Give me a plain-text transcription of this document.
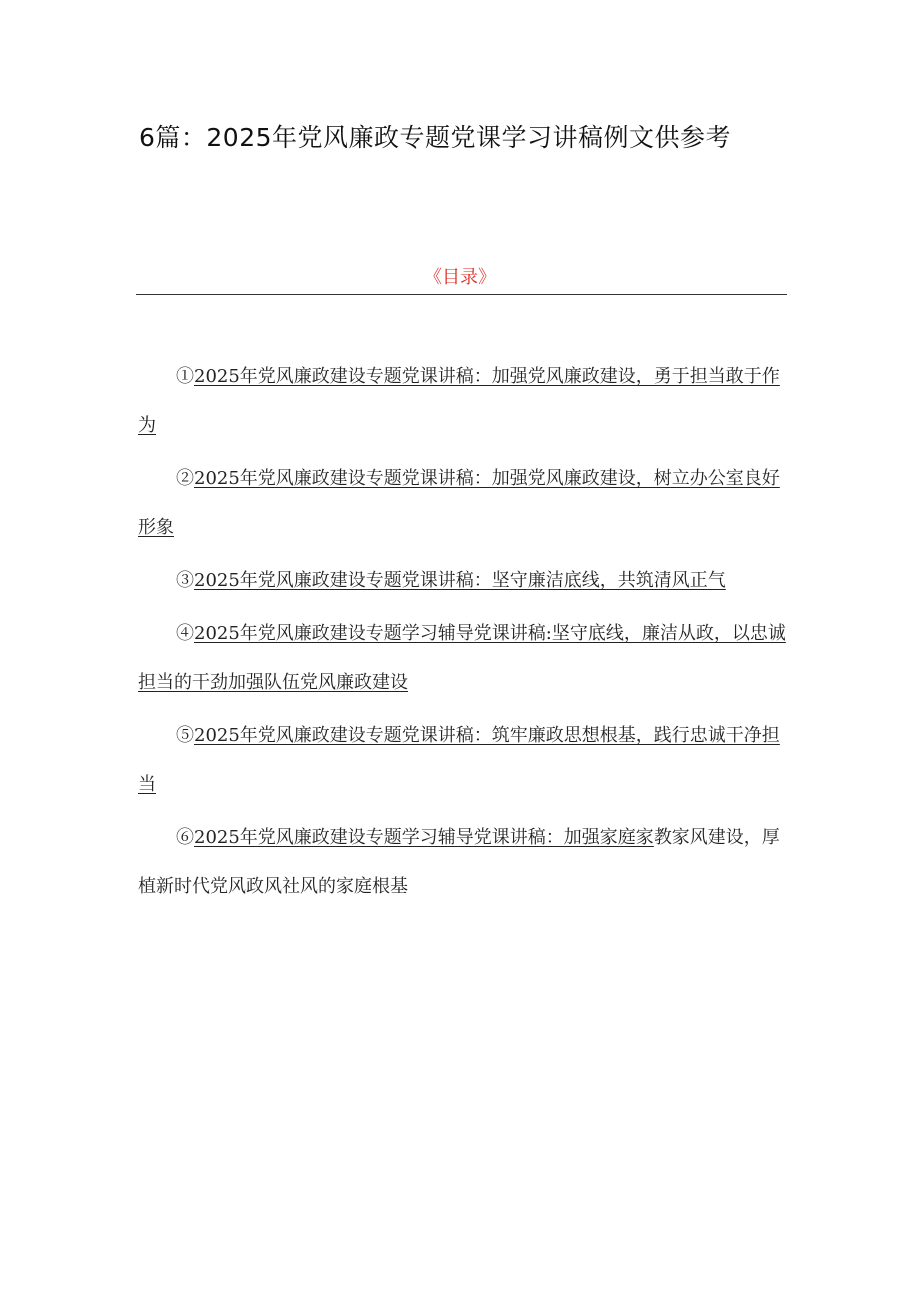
6篇：2025年党风廉政专题党课学习讲稿例文供参考
《目录》
①2025年党风廉政建设专题党课讲稿：加强党风廉政建设，勇于担当敢于作为
②2025年党风廉政建设专题党课讲稿：加强党风廉政建设，树立办公室良好形象
③2025年党风廉政建设专题党课讲稿：坚守廉洁底线，共筑清风正气
④2025年党风廉政建设专题学习辅导党课讲稿:坚守底线，廉洁从政，以忠诚担当的干劲加强队伍党风廉政建设
⑤2025年党风廉政建设专题党课讲稿：筑牢廉政思想根基，践行忠诚干净担当
⑥2025年党风廉政建设专题学习辅导党课讲稿：加强家庭家教家风建设，厚植新时代党风政风社风的家庭根基
